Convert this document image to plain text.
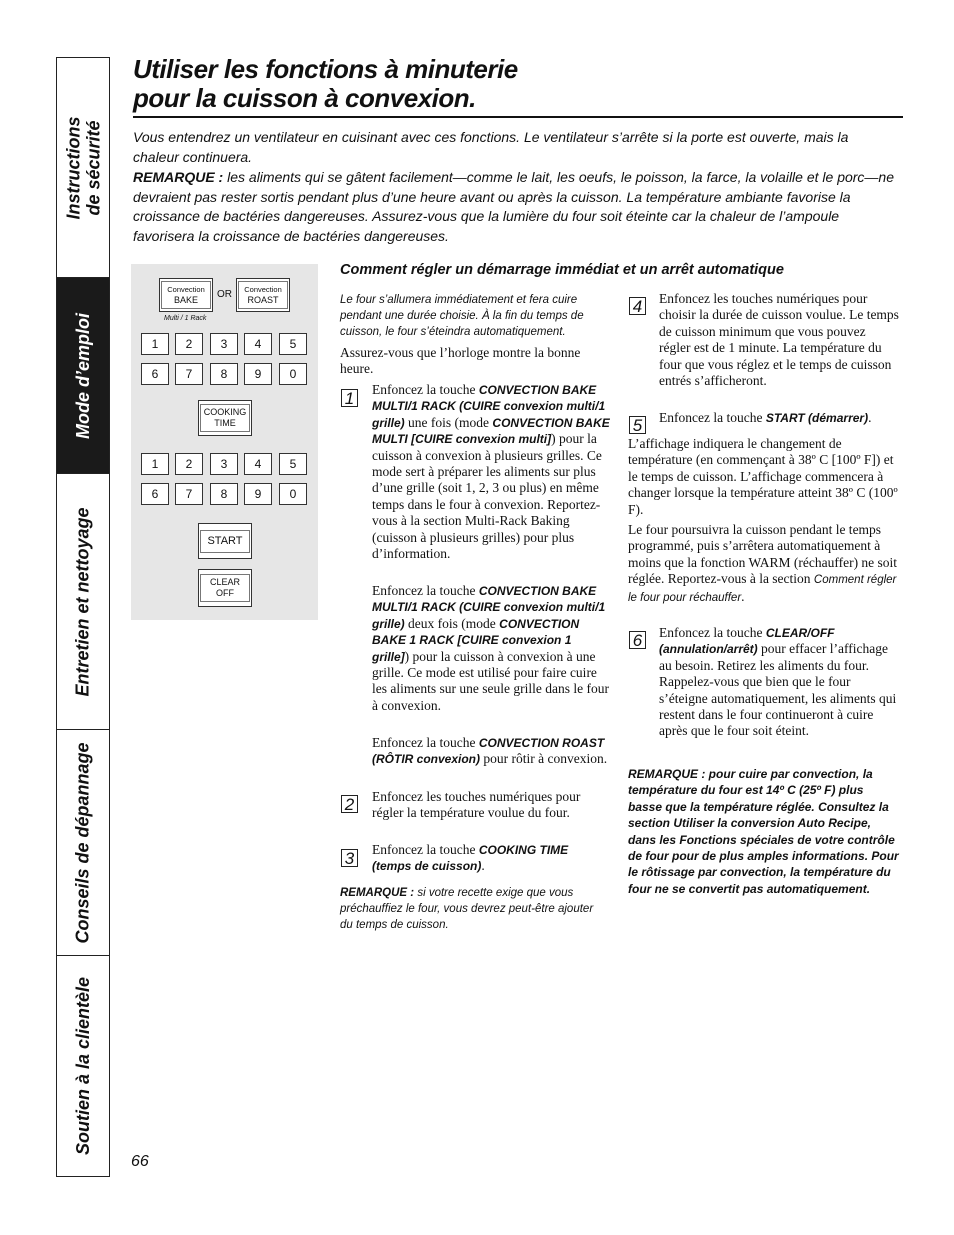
Instructions
de sécurité
Mode d’emploi
Entretien et nettoyage
Conseils de dépannage
Soutien à la clientèle
Utiliser les fonctions à minuterie
pour la cuisson à convexion.
Vous entendrez un ventilateur en cuisinant avec ces fonctions. Le ventilateur s’arrête si la porte est ouverte, mais la chaleur continuera.
REMARQUE : les aliments qui se gâtent facilement—comme le lait, les oeufs, le poisson, la farce, la volaille et le porc—ne devraient pas rester sortis pendant plus d’une heure avant ou après la cuisson. La température ambiante favorise la croissance de bactéries dangereuses. Assurez-vous que la lumière du four soit éteinte car la chaleur de l’ampoule favorisera la croissance de bactéries dangereuses.
Convection
BAKE	OR	Convection
ROAST
Multi / 1 Rack
1	2	3	4	5
6	7	8	9	0
COOKING
TIME
1	2	3	4	5
6	7	8	9	0
START
CLEAR
OFF
Comment régler un démarrage immédiat et un arrêt automatique
Le four s’allumera immédiatement et fera cuire pendant une durée choisie. À la fin du temps de cuisson, le four s’éteindra automatiquement.
Assurez-vous que l’horloge montre la bonne heure.
1 Enfoncez la touche CONVECTION BAKE MULTI/1 RACK (CUIRE convexion multi/1 grille) une fois (mode CONVECTION BAKE MULTI [CUIRE convexion multi]) pour la cuisson à convexion à plusieurs grilles. Ce mode sert à préparer les aliments sur plus d’une grille (soit 1, 2, 3 ou plus) en même temps dans le four à convexion. Reportez-vous à la section Multi-Rack Baking (cuisson à plusieurs grilles) pour plus d’information.
Enfoncez la touche CONVECTION BAKE MULTI/1 RACK (CUIRE convexion multi/1 grille) deux fois (mode CONVECTION BAKE 1 RACK [CUIRE convexion 1 grille]) pour la cuisson à convexion à une grille. Ce mode est utilisé pour faire cuire les aliments sur une seule grille dans le four à convexion.
Enfoncez la touche CONVECTION ROAST (RÔTIR convexion) pour rôtir à convexion.
2 Enfoncez les touches numériques pour régler la température voulue du four.
3 Enfoncez la touche COOKING TIME (temps de cuisson).
REMARQUE : si votre recette exige que vous préchauffiez le four, vous devrez peut-être ajouter du temps de cuisson.
4 Enfoncez les touches numériques pour choisir la durée de cuisson voulue. Le temps de cuisson minimum que vous pouvez régler est de 1 minute. La température du four que vous réglez et le temps de cuisson entrés s’afficheront.
5 Enfoncez la touche START (démarrer).
L’affichage indiquera le changement de température (en commençant à 38º C [100º F]) et le temps de cuisson. L’affichage commencera à changer lorsque la température atteint 38º C (100º F).
Le four poursuivra la cuisson pendant le temps programmé, puis s’arrêtera automatiquement à moins que la fonction WARM (réchauffer) ne soit réglée. Reportez-vous à la section Comment régler le four pour réchauffer.
6 Enfoncez la touche CLEAR/OFF (annulation/arrêt) pour effacer l’affichage au besoin. Retirez les aliments du four. Rappelez-vous que bien que le four s’éteigne automatiquement, les aliments qui restent dans le four continueront à cuire après que le four soit éteint.
REMARQUE : pour cuire par convection, la température du four est 14º C (25º F) plus basse que la température réglée. Consultez la section Utiliser la conversion Auto Recipe, dans les Fonctions spéciales de votre contrôle de four pour de plus amples informations. Pour le rôtissage par convection, la température du four ne se convertit pas automatiquement.
66
